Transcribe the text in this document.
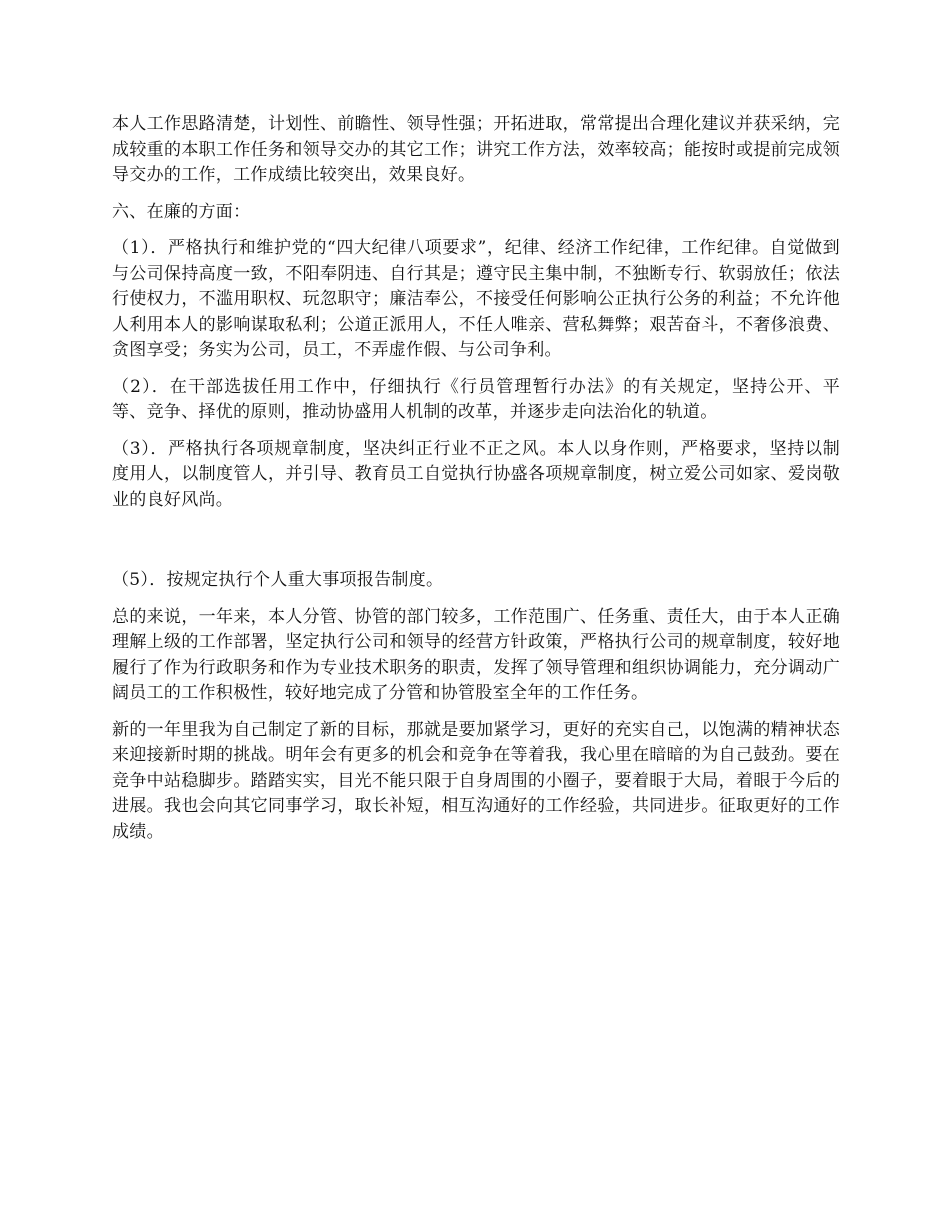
本人工作思路清楚，计划性、前瞻性、领导性强；开拓进取，常常提出合理化建议并获采纳，完成较重的本职工作任务和领导交办的其它工作；讲究工作方法，效率较高；能按时或提前完成领导交办的工作，工作成绩比较突出，效果良好。

六、在廉的方面：

（1）．严格执行和维护党的“四大纪律八项要求”，纪律、经济工作纪律，工作纪律。自觉做到与公司保持高度一致，不阳奉阴违、自行其是；遵守民主集中制，不独断专行、软弱放任；依法行使权力，不滥用职权、玩忽职守；廉洁奉公，不接受任何影响公正执行公务的利益；不允许他人利用本人的影响谋取私利；公道正派用人，不任人唯亲、营私舞弊；艰苦奋斗，不奢侈浪费、贪图享受；务实为公司，员工，不弄虚作假、与公司争利。

（2）．在干部选拔任用工作中，仔细执行《行员管理暂行办法》的有关规定，坚持公开、平等、竞争、择优的原则，推动协盛用人机制的改革，并逐步走向法治化的轨道。

（3）．严格执行各项规章制度，坚决纠正行业不正之风。本人以身作则，严格要求，坚持以制度用人，以制度管人，并引导、教育员工自觉执行协盛各项规章制度，树立爱公司如家、爱岗敬业的良好风尚。

（5）．按规定执行个人重大事项报告制度。

总的来说，一年来，本人分管、协管的部门较多，工作范围广、任务重、责任大，由于本人正确理解上级的工作部署，坚定执行公司和领导的经营方针政策，严格执行公司的规章制度，较好地履行了作为行政职务和作为专业技术职务的职责，发挥了领导管理和组织协调能力，充分调动广阔员工的工作积极性，较好地完成了分管和协管股室全年的工作任务。

新的一年里我为自己制定了新的目标，那就是要加紧学习，更好的充实自己，以饱满的精神状态来迎接新时期的挑战。明年会有更多的机会和竞争在等着我，我心里在暗暗的为自己鼓劲。要在竞争中站稳脚步。踏踏实实，目光不能只限于自身周围的小圈子，要着眼于大局，着眼于今后的进展。我也会向其它同事学习，取长补短，相互沟通好的工作经验，共同进步。征取更好的工作成绩。
